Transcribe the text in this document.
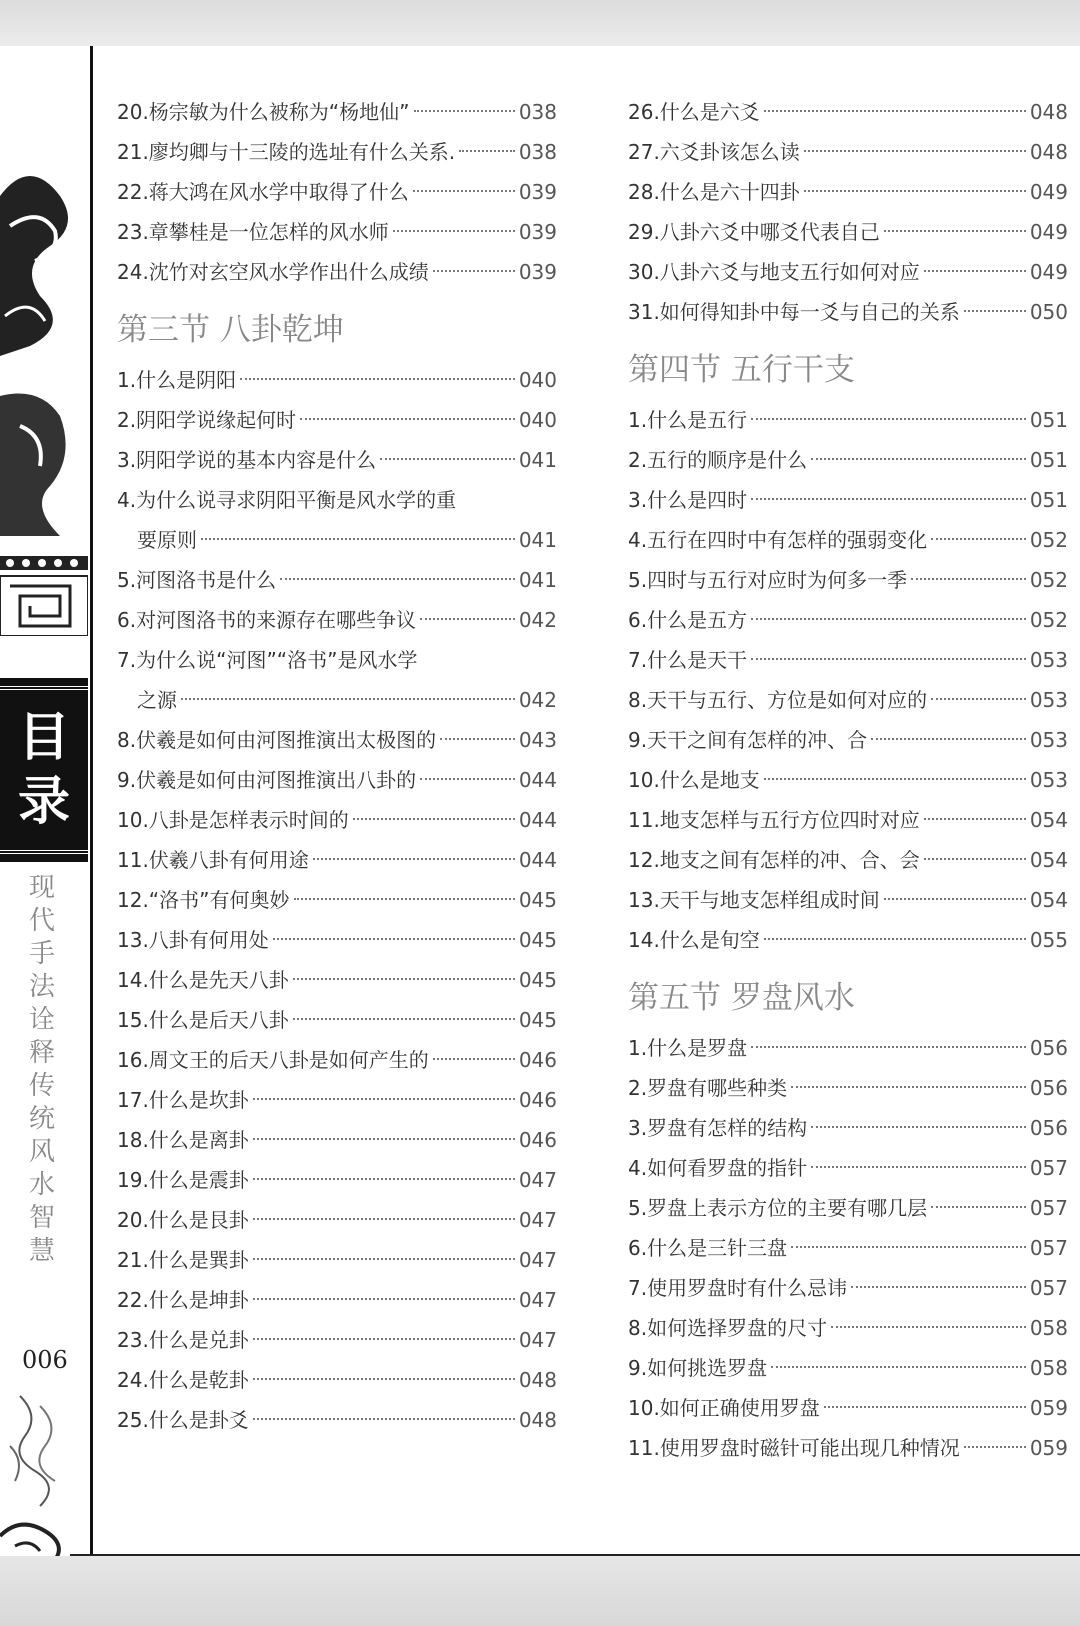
目
录
现代手法诠释传统风水智慧
006
20.杨宗敏为什么被称为“杨地仙”	038
21.廖均卿与十三陵的选址有什么关系.	038
22.蒋大鸿在风水学中取得了什么	039
23.章攀桂是一位怎样的风水师	039
24.沈竹对玄空风水学作出什么成绩	039
第三节 八卦乾坤
1.什么是阴阳	040
2.阴阳学说缘起何时	040
3.阴阳学说的基本内容是什么	041
4.为什么说寻求阴阳平衡是风水学的重
要原则	041
5.河图洛书是什么	041
6.对河图洛书的来源存在哪些争议	042
7.为什么说“河图”“洛书”是风水学
之源	042
8.伏羲是如何由河图推演出太极图的	043
9.伏羲是如何由河图推演出八卦的	044
10.八卦是怎样表示时间的	044
11.伏羲八卦有何用途	044
12.“洛书”有何奥妙	045
13.八卦有何用处	045
14.什么是先天八卦	045
15.什么是后天八卦	045
16.周文王的后天八卦是如何产生的	046
17.什么是坎卦	046
18.什么是离卦	046
19.什么是震卦	047
20.什么是艮卦	047
21.什么是巽卦	047
22.什么是坤卦	047
23.什么是兑卦	047
24.什么是乾卦	048
25.什么是卦爻	048
26.什么是六爻	048
27.六爻卦该怎么读	048
28.什么是六十四卦	049
29.八卦六爻中哪爻代表自己	049
30.八卦六爻与地支五行如何对应	049
31.如何得知卦中每一爻与自己的关系	050
第四节 五行干支
1.什么是五行	051
2.五行的顺序是什么	051
3.什么是四时	051
4.五行在四时中有怎样的强弱变化	052
5.四时与五行对应时为何多一季	052
6.什么是五方	052
7.什么是天干	053
8.天干与五行、方位是如何对应的	053
9.天干之间有怎样的冲、合	053
10.什么是地支	053
11.地支怎样与五行方位四时对应	054
12.地支之间有怎样的冲、合、会	054
13.天干与地支怎样组成时间	054
14.什么是旬空	055
第五节 罗盘风水
1.什么是罗盘	056
2.罗盘有哪些种类	056
3.罗盘有怎样的结构	056
4.如何看罗盘的指针	057
5.罗盘上表示方位的主要有哪几层	057
6.什么是三针三盘	057
7.使用罗盘时有什么忌讳	057
8.如何选择罗盘的尺寸	058
9.如何挑选罗盘	058
10.如何正确使用罗盘	059
11.使用罗盘时磁针可能出现几种情况	059
